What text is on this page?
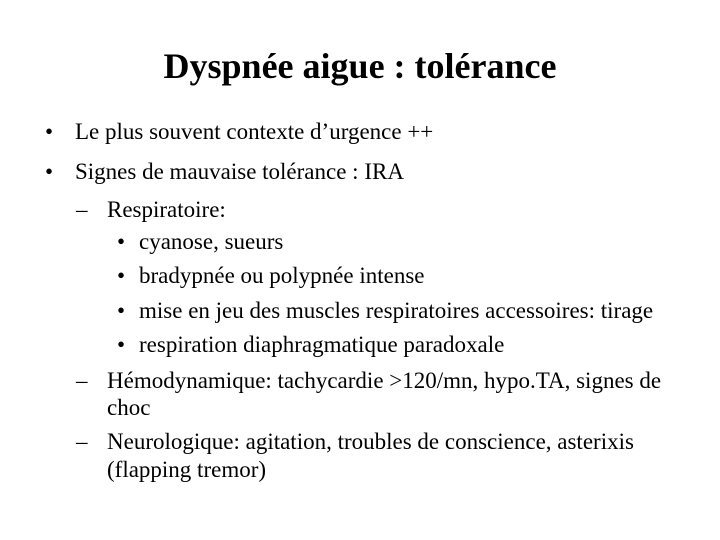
Dyspnée aigue : tolérance
• Le plus souvent contexte d’urgence ++
• Signes de mauvaise tolérance : IRA
– Respiratoire:
• cyanose, sueurs
• bradypnée ou polypnée intense
• mise en jeu des muscles respiratoires accessoires: tirage
• respiration diaphragmatique paradoxale
– Hémodynamique: tachycardie >120/mn, hypo.TA, signes de
choc
– Neurologique: agitation, troubles de conscience, asterixis
(flapping tremor)
